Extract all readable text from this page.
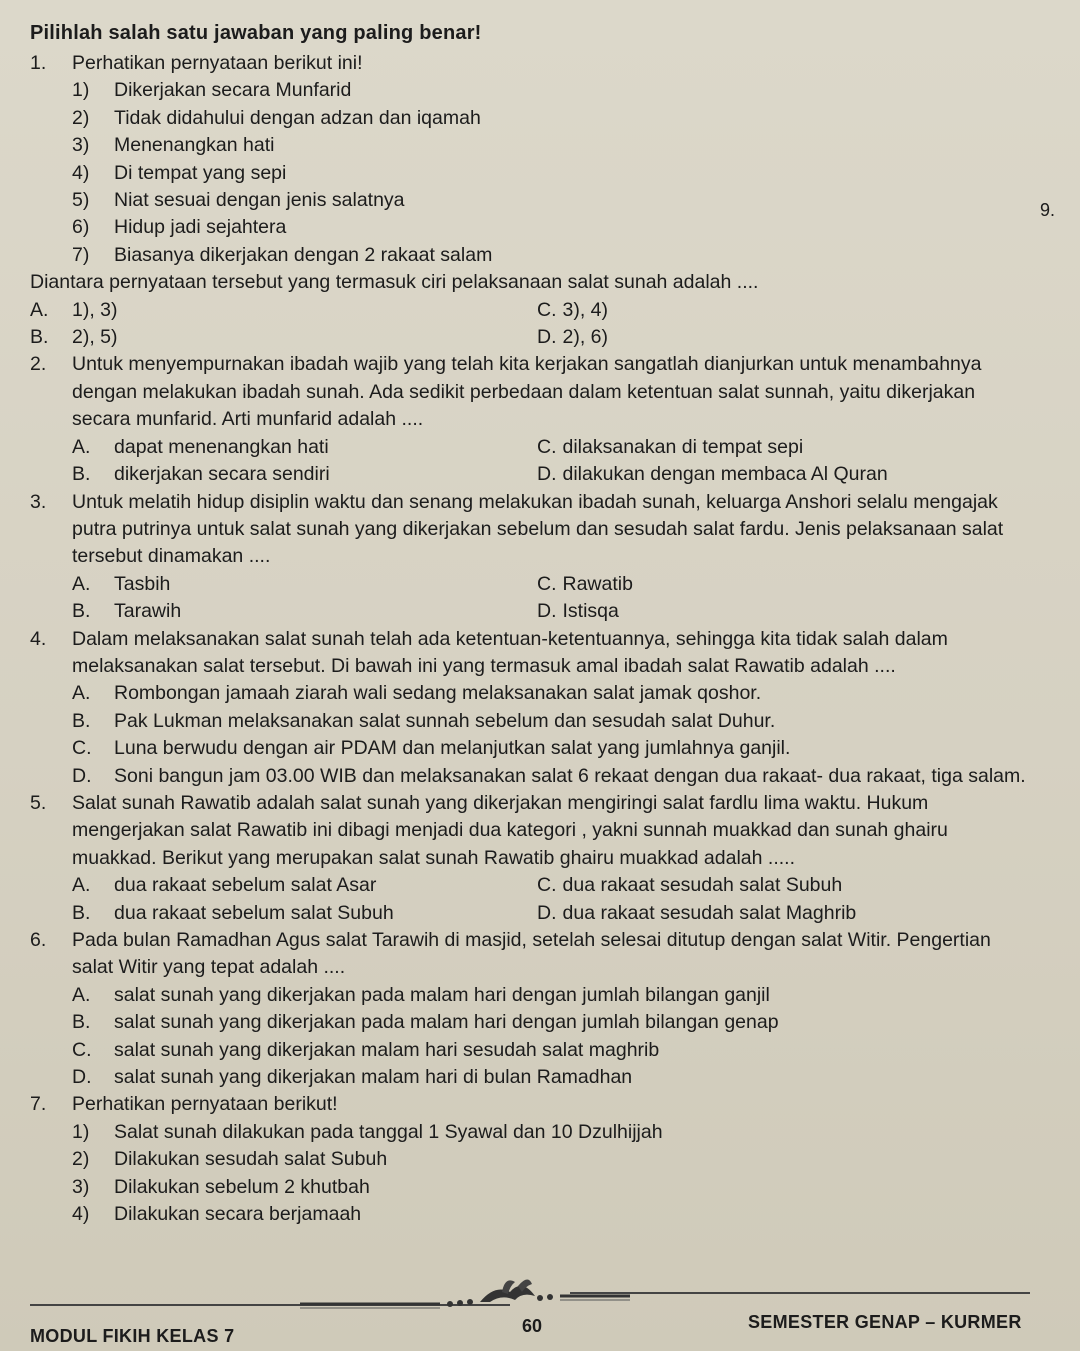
Pilihlah salah satu jawaban yang paling benar!
9.
1. Perhatikan pernyataan berikut ini!
1) Dikerjakan secara Munfarid
2) Tidak didahului dengan adzan dan iqamah
3) Menenangkan hati
4) Di tempat yang sepi
5) Niat sesuai dengan jenis salatnya
6) Hidup jadi sejahtera
7) Biasanya dikerjakan dengan 2 rakaat salam
Diantara pernyataan tersebut yang termasuk ciri pelaksanaan salat sunah adalah ....
A. 1), 3)	C. 3), 4)
B. 2), 5)	D. 2), 6)
2. Untuk menyempurnakan ibadah wajib yang telah kita kerjakan sangatlah dianjurkan untuk menambahnya dengan melakukan ibadah sunah. Ada sedikit perbedaan dalam ketentuan salat sunnah, yaitu dikerjakan secara munfarid. Arti munfarid adalah ....
A. dapat menenangkan hati	C. dilaksanakan di tempat sepi
B. dikerjakan secara sendiri	D. dilakukan dengan membaca Al Quran
3. Untuk melatih hidup disiplin waktu dan senang melakukan ibadah sunah, keluarga Anshori selalu mengajak putra putrinya untuk salat sunah yang dikerjakan sebelum dan sesudah salat fardu. Jenis pelaksanaan salat tersebut dinamakan ....
A. Tasbih	C. Rawatib
B. Tarawih	D. Istisqa
4. Dalam melaksanakan salat sunah telah ada ketentuan-ketentuannya, sehingga kita tidak salah dalam melaksanakan salat tersebut. Di bawah ini yang termasuk amal ibadah salat Rawatib adalah ....
A. Rombongan jamaah ziarah wali sedang melaksanakan salat jamak qoshor.
B. Pak Lukman melaksanakan salat sunnah sebelum dan sesudah salat Duhur.
C. Luna berwudu dengan air PDAM dan melanjutkan salat yang jumlahnya ganjil.
D. Soni bangun jam 03.00 WIB dan melaksanakan salat 6 rekaat dengan dua rakaat- dua rakaat, tiga salam.
5. Salat sunah Rawatib adalah salat sunah yang dikerjakan mengiringi salat fardlu lima waktu. Hukum mengerjakan salat Rawatib ini dibagi menjadi dua kategori , yakni sunnah muakkad dan sunah ghairu muakkad. Berikut yang merupakan salat sunah Rawatib ghairu muakkad adalah .....
A. dua rakaat sebelum salat Asar	C. dua rakaat sesudah salat Subuh
B. dua rakaat sebelum salat Subuh	D. dua rakaat sesudah salat Maghrib
6. Pada bulan Ramadhan Agus salat Tarawih di masjid, setelah selesai ditutup dengan salat Witir. Pengertian salat Witir yang tepat adalah ....
A. salat sunah yang dikerjakan pada malam hari dengan jumlah bilangan ganjil
B. salat sunah yang dikerjakan pada malam hari dengan jumlah bilangan genap
C. salat sunah yang dikerjakan malam hari sesudah salat maghrib
D. salat sunah yang dikerjakan malam hari di bulan Ramadhan
7. Perhatikan pernyataan berikut!
1) Salat sunah dilakukan pada tanggal 1 Syawal dan 10 Dzulhijjah
2) Dilakukan sesudah salat Subuh
3) Dilakukan sebelum 2 khutbah
4) Dilakukan secara berjamaah
MODUL FIKIH KELAS 7	60	SEMESTER GENAP – KURMER
